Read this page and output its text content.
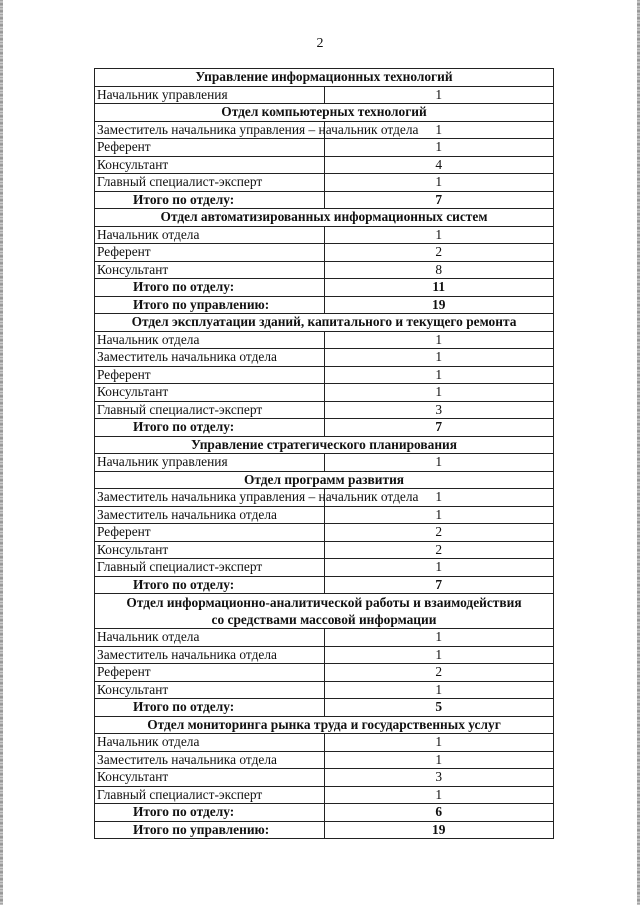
2
Управление информационных технологий	
Начальник управления	1
Отдел компьютерных технологий	
Заместитель начальника управления – начальник отдела	1
Референт	1
Консультант	4
Главный специалист-эксперт	1
Итого по отделу:	7
Отдел автоматизированных информационных систем	
Начальник отдела	1
Референт	2
Консультант	8
Итого по отделу:	11
Итого по управлению:	19
Отдел эксплуатации зданий, капитального и текущего ремонта	
Начальник отдела	1
Заместитель начальника отдела	1
Референт	1
Консультант	1
Главный специалист-эксперт	3
Итого по отделу:	7
Управление стратегического планирования	
Начальник управления	1
Отдел программ развития	
Заместитель начальника управления – начальник отдела	1
Заместитель начальника отдела	1
Референт	2
Консультант	2
Главный специалист-эксперт	1
Итого по отделу:	7
Отдел информационно-аналитической работы и взаимодействия
со средствами массовой информации	
Начальник отдела	1
Заместитель начальника отдела	1
Референт	2
Консультант	1
Итого по отделу:	5
Отдел мониторинга рынка труда и государственных услуг	
Начальник отдела	1
Заместитель начальника отдела	1
Консультант	3
Главный специалист-эксперт	1
Итого по отделу:	6
Итого по управлению:	19
